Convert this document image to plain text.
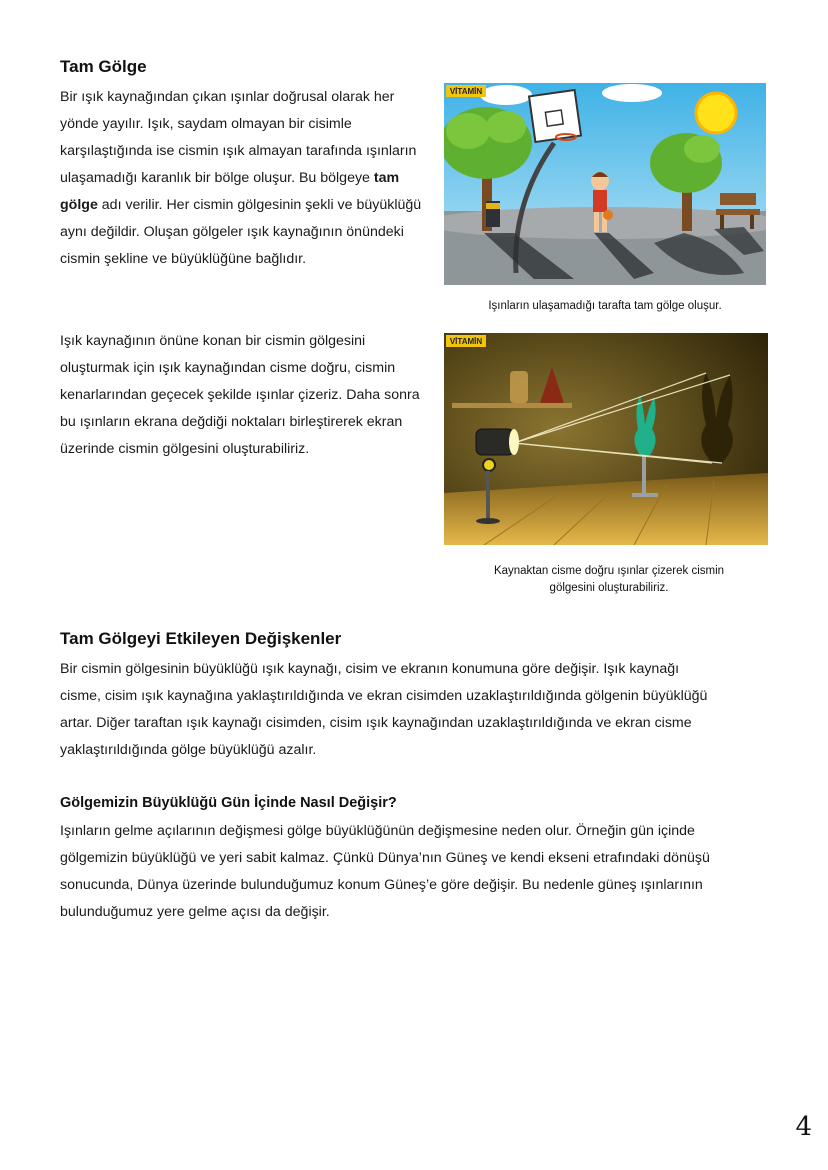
Tam Gölge

Bir ışık kaynağından çıkan ışınlar doğrusal olarak her yönde yayılır. Işık, saydam olmayan bir cisimle karşılaştığında ise cismin ışık almayan tarafında ışınların ulaşamadığı karanlık bir bölge oluşur. Bu bölgeye tam gölge adı verilir. Her cismin gölgesinin şekli ve büyüklüğü aynı değildir. Oluşan gölgeler ışık kaynağının önündeki cismin şekline ve büyüklüğüne bağlıdır.

VİTAMİN
Işınların ulaşamadığı tarafta tam gölge oluşur.

Işık kaynağının önüne konan bir cismin gölgesini oluşturmak için ışık kaynağından cisme doğru, cismin kenarlarından geçecek şekilde ışınlar çizeriz. Daha sonra bu ışınların ekrana değdiği noktaları birleştirerek ekran üzerinde cismin gölgesini oluşturabiliriz.

VİTAMİN
Kaynaktan cisme doğru ışınlar çizerek cismin gölgesini oluşturabiliriz.
Tam Gölgeyi Etkileyen Değişkenler

Bir cismin gölgesinin büyüklüğü ışık kaynağı, cisim ve ekranın konumuna göre değişir. Işık kaynağı cisme, cisim ışık kaynağına yaklaştırıldığında ve ekran cisimden uzaklaştırıldığında gölgenin büyüklüğü artar. Diğer taraftan ışık kaynağı cisimden, cisim ışık kaynağından uzaklaştırıldığında ve ekran cisme yaklaştırıldığında gölge büyüklüğü azalır.

Gölgemizin Büyüklüğü Gün İçinde Nasıl Değişir?

Işınların gelme açılarının değişmesi gölge büyüklüğünün değişmesine neden olur. Örneğin gün içinde gölgemizin büyüklüğü ve yeri sabit kalmaz. Çünkü Dünya’nın Güneş ve kendi ekseni etrafındaki dönüşü sonucunda, Dünya üzerinde bulunduğumuz konum Güneş’e göre değişir. Bu nedenle güneş ışınlarının bulunduğumuz yere gelme açısı da değişir.

4
